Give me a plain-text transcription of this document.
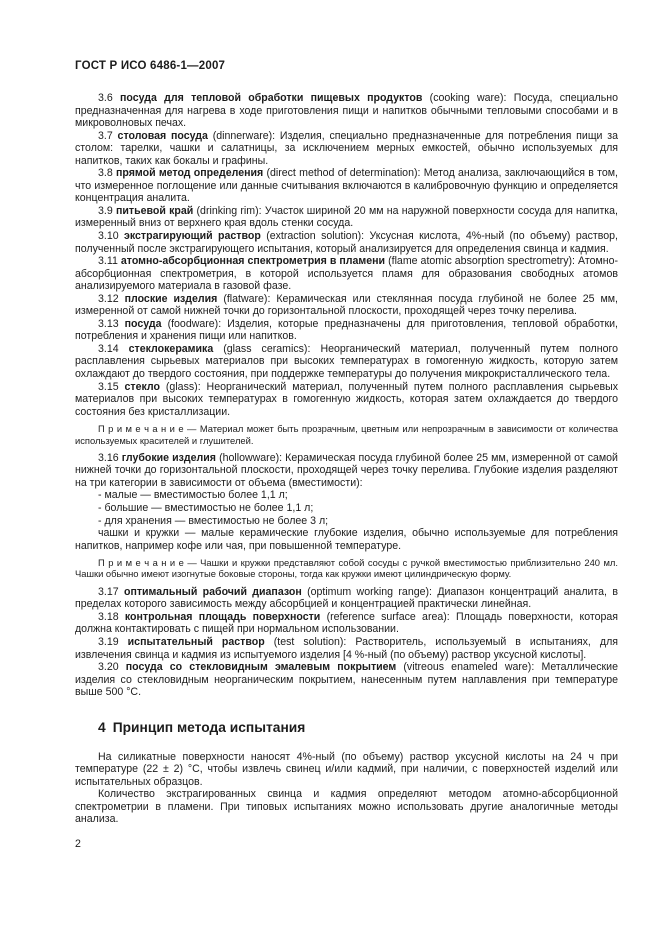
ГОСТ Р ИСО 6486-1—2007

3.6 посуда для тепловой обработки пищевых продуктов (cooking ware): Посуда, специально предназначенная для нагрева в ходе приготовления пищи и напитков обычными тепловыми способами и в микроволновых печах.

3.7 столовая посуда (dinnerware): Изделия, специально предназначенные для потребления пищи за столом: тарелки, чашки и салатницы, за исключением мерных емкостей, обычно используемых для напитков, таких как бокалы и графины.

3.8 прямой метод определения (direct method of determination): Метод анализа, заключающийся в том, что измеренное поглощение или данные считывания включаются в калибровочную функцию и определяется концентрация аналита.

3.9 питьевой край (drinking rim): Участок шириной 20 мм на наружной поверхности сосуда для напитка, измеренный вниз от верхнего края вдоль стенки сосуда.

3.10 экстрагирующий раствор (extraction solution): Уксусная кислота, 4%-ный (по объему) раствор, полученный после экстрагирующего испытания, который анализируется для определения свинца и кадмия.

3.11 атомно-абсорбционная спектрометрия в пламени (flame atomic absorption spectrometry): Атомно-абсорбционная спектрометрия, в которой используется пламя для образования свободных атомов анализируемого материала в газовой фазе.

3.12 плоские изделия (flatware): Керамическая или стеклянная посуда глубиной не более 25 мм, измеренной от самой нижней точки до горизонтальной плоскости, проходящей через точку перелива.

3.13 посуда (foodware): Изделия, которые предназначены для приготовления, тепловой обработки, потребления и хранения пищи или напитков.

3.14 стеклокерамика (glass ceramics): Неорганический материал, полученный путем полного расплавления сырьевых материалов при высоких температурах в гомогенную жидкость, которую затем охлаждают до твердого состояния, при поддержке температуры до получения микрокристаллического тела.

3.15 стекло (glass): Неорганический материал, полученный путем полного расплавления сырьевых материалов при высоких температурах в гомогенную жидкость, которая затем охлаждается до твердого состояния без кристаллизации.

П р и м е ч а н и е — Материал может быть прозрачным, цветным или непрозрачным в зависимости от количества используемых красителей и глушителей.

3.16 глубокие изделия (hollowware): Керамическая посуда глубиной более 25 мм, измеренной от самой нижней точки до горизонтальной плоскости, проходящей через точку перелива. Глубокие изделия разделяют на три категории в зависимости от объема (вместимости):

- малые — вместимостью более 1,1 л;

- большие — вместимостью не более 1,1 л;

- для хранения — вместимостью не более 3 л;

чашки и кружки — малые керамические глубокие изделия, обычно используемые для потребления напитков, например кофе или чая, при повышенной температуре.

П р и м е ч а н и е — Чашки и кружки представляют собой сосуды с ручкой вместимостью приблизительно 240 мл. Чашки обычно имеют изогнутые боковые стороны, тогда как кружки имеют цилиндрическую форму.

3.17 оптимальный рабочий диапазон (optimum working range): Диапазон концентраций аналита, в пределах которого зависимость между абсорбцией и концентрацией практически линейная.

3.18 контрольная площадь поверхности (reference surface area): Площадь поверхности, которая должна контактировать с пищей при нормальном использовании.

3.19 испытательный раствор (test solution): Растворитель, используемый в испытаниях, для извлечения свинца и кадмия из испытуемого изделия [4 %-ный (по объему) раствор уксусной кислоты].

3.20 посуда со стекловидным эмалевым покрытием (vitreous enameled ware): Металлические изделия со стекловидным неорганическим покрытием, нанесенным путем наплавления при температуре выше 500 °С.

4 Принцип метода испытания

На силикатные поверхности наносят 4%-ный (по объему) раствор уксусной кислоты на 24 ч при температуре (22 ± 2) °С, чтобы извлечь свинец и/или кадмий, при наличии, с поверхностей изделий или испытательных образцов.

Количество экстрагированных свинца и кадмия определяют методом атомно-абсорбционной спектрометрии в пламени. При типовых испытаниях можно использовать другие аналогичные методы анализа.

2
